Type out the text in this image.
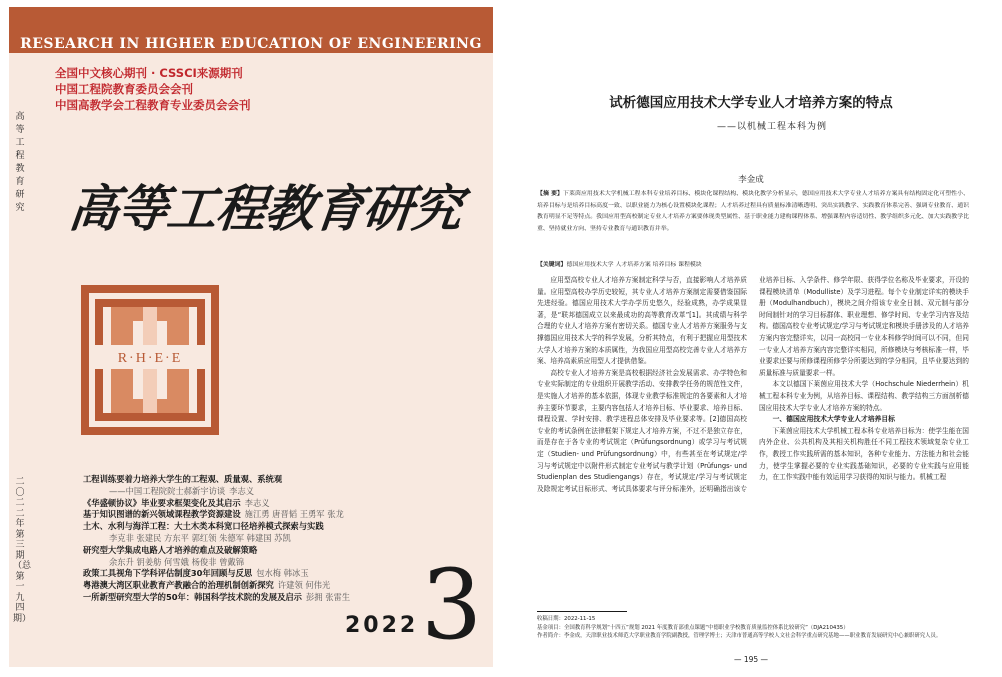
RESEARCH IN HIGHER EDUCATION OF ENGINEERING
全国中文核心期刊 · CSSCI来源期刊
中国工程院教育委员会会刊
中国高教学会工程教育专业委员会会刊
高等工程教育研究 高等工程教育研究
R·H·E·E
二〇二二年第三期（总第一九四期）
工程训练要着力培养大学生的工程观、质量观、系统观
——中国工程院院士郝新宇访谈 李志义
《华盛顿协议》毕业要求框架变化及其启示 李志义
基于知识图谱的新兴领域课程教学资源建设 施江勇 唐晋韬 王勇军 张龙
土木、水利与海洋工程：大土木类本科宽口径培养模式探索与实践
李克非 张建民 方东平 郭红领 朱德军 韩建国 苏凯
研究型大学集成电路人才培养的难点及破解策略
余东升 钥姜舫 何雪娥 杨俊非 曾戴锦
政策工具视角下学科评估制度30年回顾与反思 包水梅 韩冰玉
粤港澳大湾区职业教育产教融合的治理机制创新探究 许建领 何伟光
一所新型研究型大学的50年：韩国科学技术院的发展及启示 彭拥 张雷生
2022 3
试析德国应用技术大学专业人才培养方案的特点
——以机械工程本科为例
李金成
【摘 要】下莱茵应用技术大学机械工程本科专业培养目标、模块化课程结构、模块化教学分析显示，德国应用技术大学专业人才培养方案具有结构固定化可塑性小、培养目标与是培养目标高度一致、以职业能力为核心设置模块化课程；人才培养过程具有质量标准清晰透明、突出实践教学、实践教育体系完善、强调专业教育、通识教育明显不足等特点。我国应用型高校制定专业人才培养方案要体现类型属性、基于职业能力建构课程体系、增强课程内容适切性、教学组织多元化、加大实践教学比重、坚持就业方向、坚持专业教育与通识教育并举。
【关键词】德国应用技术大学 人才培养方案 培养目标 课程模块

应用型高校专业人才培养方案制定科学与否，直接影响人才培养质量。应用型高校办学历史较短，其专业人才培养方案制定需要借鉴国际先进经验。德国应用技术大学办学历史悠久，经验成熟，办学成果显著，是“联邦德国成立以来最成功的高等教育改革”[1]。其成绩与科学合理的专业人才培养方案有密切关系。德国专业人才培养方案服务与支撑德国应用技术大学的科学发展，分析其特点，有利于把握应用型技术大学人才培养方案的本质属性，为我国应用型高校完善专业人才培养方案、培养高素质应用型人才提供借鉴。

高校专业人才培养方案是高校根据经济社会发展需求、办学特色和专业实际制定的专业组织开展教学活动、安排教学任务的规范性文件，是实施人才培养的基本依据，体现专业教学标准规定的各要素和人才培养主要环节要求，主要内容包括人才培养目标、毕业要求、培养目标、课程设置、学时安排、教学进程总体安排及毕业要求等。[2]德国高校专业的考试条例在法律框架下规定人才培养方案，不过不是独立存在，而是存在于各专业的考试规定（Prüfungsordnung）或学习与考试规定（Studien- und Prüfungsordnung）中，有些甚至在考试规定/学习与考试规定中以附件形式制定专业考试与教学计划（Prüfungs- und Studienplan des Studiengangs）存在，考试规定/学习与考试规定及除规定考试目标形式、考试具体要求与评分标准外，还明确指出该专业培养目标、入学条件、修学年限、获得学位名称及毕业要求，开设的课程模块清单（Modulliste）及学习进程。每个专业制定详实的模块手册（Modulhandbuch），模块之间介绍该专业全日制、双元制与部分时间制针对的学习目标群体、职业理想、修学时间、专业学习内容及结构。德国高校专业考试规定/学习与考试规定和模块手册涉及的人才培养方案内容完整详实，以同一高校同一专业本科修学时间可以不同，但同一专业人才培养方案内容完整详实相同，所修模块与考核标准一样，毕业要求还要与所修课程所修学分所要达到的学分相同，且毕业要达到的质量标准与质量要求一样。

本文以德国下莱茵应用技术大学（Hochschule Niederrhein）机械工程本科专业为例，从培养目标、课程结构、教学结构三方面剖析德国应用技术大学专业人才培养方案的特点。

一、德国应用技术大学专业人才培养目标

下莱茵应用技术大学机械工程本科专业培养目标为：使学生能在国内外企业、公共机构及其相关机构胜任不同工程技术领域复杂专业工作，教授工作实践所需的基本知识，各种专业能力、方法能力和社会能力，使学生掌握必要的专业实践基础知识，必要的专业实践与应用能力，在工作实践中能有效运用学习获得的知识与能力。机械工程

收稿日期：2022-11-15
基金项目：全国教育科学规划“十四五”规划 2021 年度教育部重点课题“中德职业学校教育质量监控体系比较研究”（DJA210435）
作者简介：李金成，天津职业技术师范大学职业教育学院副教授，管理学博士；天津市普通高等学校人文社会科学重点研究基地——职业教育发展研究中心兼职研究人员。
— 195 —
